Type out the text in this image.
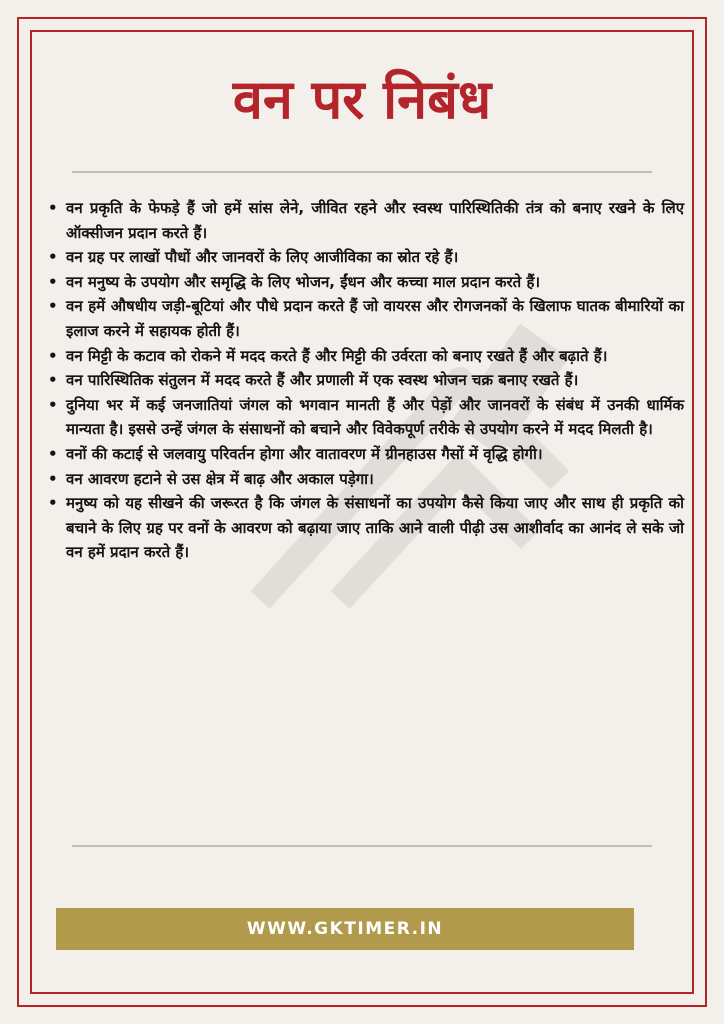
वन पर निबंध
• वन प्रकृति के फेफड़े हैं जो हमें सांस लेने, जीवित रहने और स्वस्थ पारिस्थितिकी तंत्र को बनाए रखने के लिए ऑक्सीजन प्रदान करते हैं।
• वन ग्रह पर लाखों पौधों और जानवरों के लिए आजीविका का स्रोत रहे हैं।
• वन मनुष्य के उपयोग और समृद्धि के लिए भोजन, ईंधन और कच्चा माल प्रदान करते हैं।
• वन हमें औषधीय जड़ी-बूटियां और पौधे प्रदान करते हैं जो वायरस और रोगजनकों के खिलाफ घातक बीमारियों का इलाज करने में सहायक होती हैं।
• वन मिट्टी के कटाव को रोकने में मदद करते हैं और मिट्टी की उर्वरता को बनाए रखते हैं और बढ़ाते हैं।
• वन पारिस्थितिक संतुलन में मदद करते हैं और प्रणाली में एक स्वस्थ भोजन चक्र बनाए रखते हैं।
• दुनिया भर में कई जनजातियां जंगल को भगवान मानती हैं और पेड़ों और जानवरों के संबंध में उनकी धार्मिक मान्यता है। इससे उन्हें जंगल के संसाधनों को बचाने और विवेकपूर्ण तरीके से उपयोग करने में मदद मिलती है।
• वनों की कटाई से जलवायु परिवर्तन होगा और वातावरण में ग्रीनहाउस गैसों में वृद्धि होगी।
• वन आवरण हटाने से उस क्षेत्र में बाढ़ और अकाल पड़ेगा।
• मनुष्य को यह सीखने की जरूरत है कि जंगल के संसाधनों का उपयोग कैसे किया जाए और साथ ही प्रकृति को बचाने के लिए ग्रह पर वनों के आवरण को बढ़ाया जाए ताकि आने वाली पीढ़ी उस आशीर्वाद का आनंद ले सके जो वन हमें प्रदान करते हैं।
WWW.GKTIMER.IN
